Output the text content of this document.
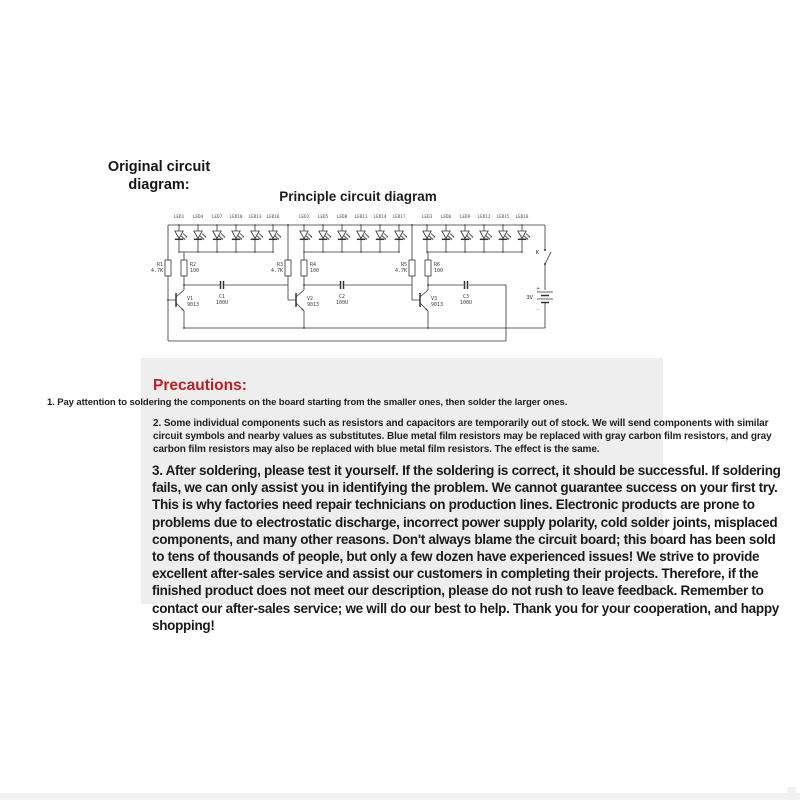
Original circuit
diagram:
Principle circuit diagram
LED1 LED4 LED7 LED10 LED13 LED16	LED2 LED5 LED8 LED11 LED14 LED17	LED3 LED6 LED9 LED12 LED15 LED18
R1
4.7K
R2
100
R3
4.7K
R4
100
R5
4.7K
R6
100
V1
9013
V2
9013
V3
9013
C1
100U
C2
100U
C3
100U
K
+
3V
-
Precautions:
1. Pay attention to soldering the components on the board starting from the smaller ones, then solder the larger ones.
2. Some individual components such as resistors and capacitors are temporarily out of stock. We will send components with similar circuit symbols and nearby values as substitutes. Blue metal film resistors may be replaced with gray carbon film resistors, and gray carbon film resistors may also be replaced with blue metal film resistors. The effect is the same.
3. After soldering, please test it yourself. If the soldering is correct, it should be successful. If soldering fails, we can only assist you in identifying the problem. We cannot guarantee success on your first try. This is why factories need repair technicians on production lines. Electronic products are prone to problems due to electrostatic discharge, incorrect power supply polarity, cold solder joints, misplaced components, and many other reasons. Don't always blame the circuit board; this board has been sold to tens of thousands of people, but only a few dozen have experienced issues! We strive to provide excellent after-sales service and assist our customers in completing their projects. Therefore, if the finished product does not meet our description, please do not rush to leave feedback. Remember to contact our after-sales service; we will do our best to help. Thank you for your cooperation, and happy shopping!
